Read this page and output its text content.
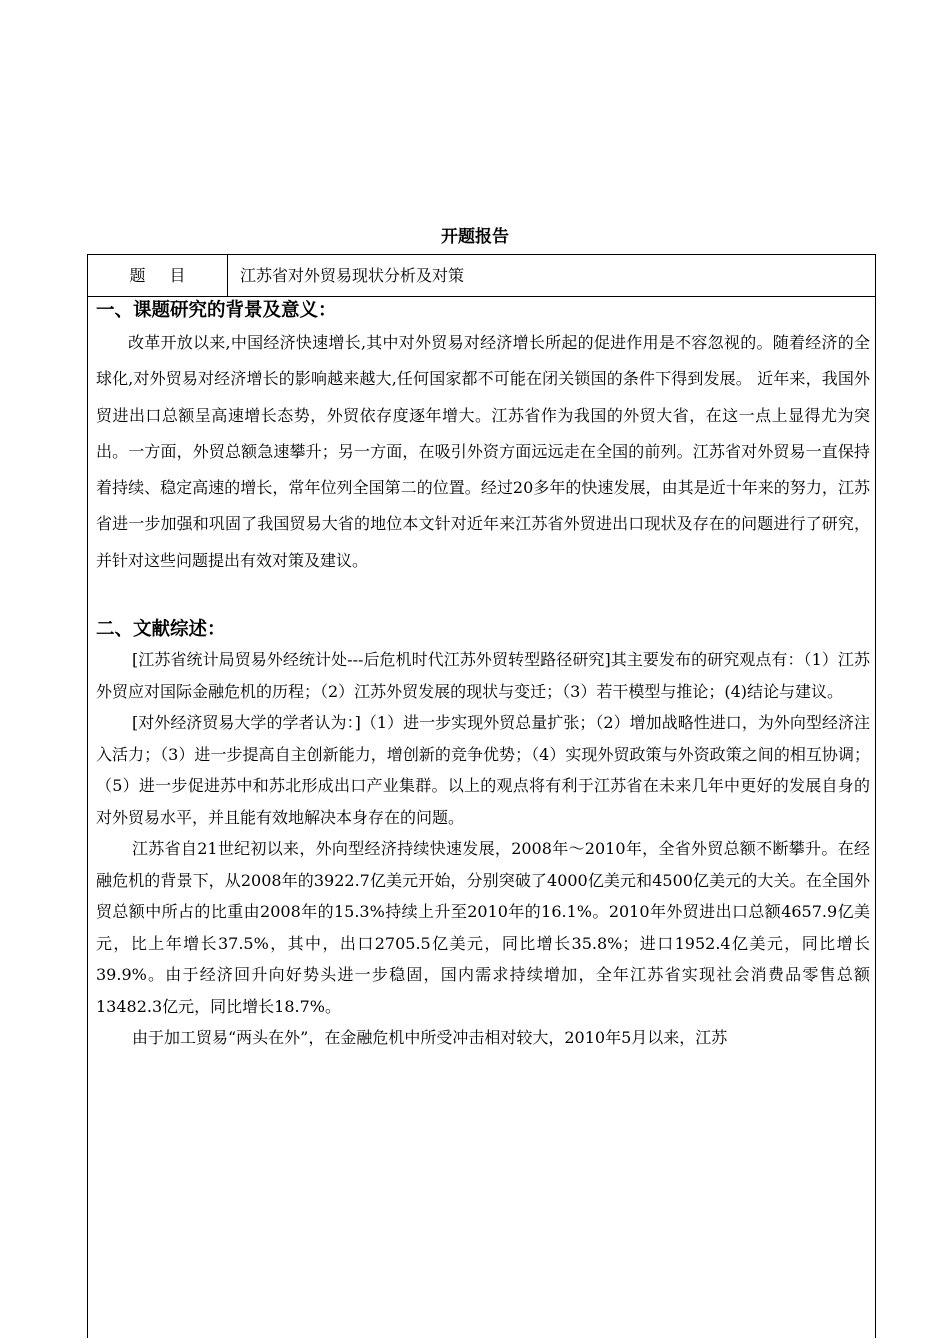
开题报告
题目	江苏省对外贸易现状分析及对策
一、课题研究的背景及意义：

改革开放以来,中国经济快速增长,其中对外贸易对经济增长所起的促进作用是不容忽视的。随着经济的全球化,对外贸易对经济增长的影响越来越大,任何国家都不可能在闭关锁国的条件下得到发展。 近年来，我国外贸进出口总额呈高速增长态势，外贸依存度逐年增大。江苏省作为我国的外贸大省，在这一点上显得尤为突出。一方面，外贸总额急速攀升；另一方面，在吸引外资方面远远走在全国的前列。江苏省对外贸易一直保持着持续、稳定高速的增长，常年位列全国第二的位置。经过20多年的快速发展，由其是近十年来的努力，江苏省进一步加强和巩固了我国贸易大省的地位本文针对近年来江苏省外贸进出口现状及存在的问题进行了研究，并针对这些问题提出有效对策及建议。

二、文献综述：

[江苏省统计局贸易外经统计处---后危机时代江苏外贸转型路径研究]其主要发布的研究观点有：（1）江苏外贸应对国际金融危机的历程；（2）江苏外贸发展的现状与变迁；（3）若干模型与推论；(4)结论与建议。

[对外经济贸易大学的学者认为：]（1）进一步实现外贸总量扩张；（2）增加战略性进口，为外向型经济注入活力；（3）进一步提高自主创新能力，增创新的竞争优势；（4）实现外贸政策与外资政策之间的相互协调；（5）进一步促进苏中和苏北形成出口产业集群。以上的观点将有利于江苏省在未来几年中更好的发展自身的对外贸易水平，并且能有效地解决本身存在的问题。

江苏省自21世纪初以来，外向型经济持续快速发展，2008年～2010年，全省外贸总额不断攀升。在经融危机的背景下，从2008年的3922.7亿美元开始，分别突破了4000亿美元和4500亿美元的大关。在全国外贸总额中所占的比重由2008年的15.3%持续上升至2010年的16.1%。2010年外贸进出口总额4657.9亿美元，比上年增长37.5%，其中，出口2705.5亿美元，同比增长35.8%；进口1952.4亿美元，同比增长39.9%。由于经济回升向好势头进一步稳固，国内需求持续增加，全年江苏省实现社会消费品零售总额13482.3亿元，同比增长18.7%。

由于加工贸易“两头在外”，在金融危机中所受冲击相对较大，2010年5月以来，江苏
